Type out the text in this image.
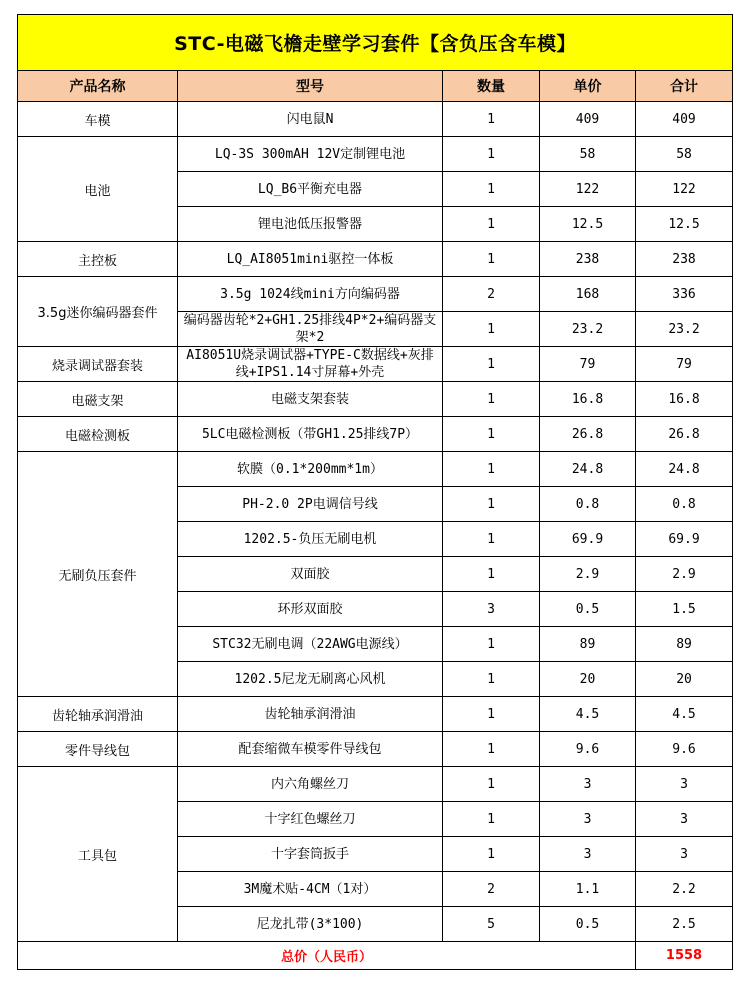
STC-电磁飞檐走壁学习套件【含负压含车模】				
产品名称	型号	数量	单价	合计
车模	闪电鼠N	1	409	409
电池	LQ-3S 300mAH 12V定制锂电池	1	58	58
	LQ_B6平衡充电器	1	122	122
	锂电池低压报警器	1	12.5	12.5
主控板	LQ_AI8051mini驱控一体板	1	238	238
3.5g迷你编码器套件	3.5g 1024线mini方向编码器	2	168	336
	编码器齿轮*2+GH1.25排线4P*2+编码器支架*2	1	23.2	23.2
烧录调试器套装	AI8051U烧录调试器+TYPE-C数据线+灰排线+IPS1.14寸屏幕+外壳	1	79	79
电磁支架	电磁支架套装	1	16.8	16.8
电磁检测板	5LC电磁检测板（带GH1.25排线7P）	1	26.8	26.8
无刷负压套件	软膜（0.1*200mm*1m）	1	24.8	24.8
	PH-2.0 2P电调信号线	1	0.8	0.8
	1202.5-负压无刷电机	1	69.9	69.9
	双面胶	1	2.9	2.9
	环形双面胶	3	0.5	1.5
	STC32无刷电调（22AWG电源线）	1	89	89
	1202.5尼龙无刷离心风机	1	20	20
齿轮轴承润滑油	齿轮轴承润滑油	1	4.5	4.5
零件导线包	配套缩微车模零件导线包	1	9.6	9.6
工具包	内六角螺丝刀	1	3	3
	十字红色螺丝刀	1	3	3
	十字套筒扳手	1	3	3
	3M魔术贴-4CM（1对）	2	1.1	2.2
	尼龙扎带(3*100)	5	0.5	2.5
总价（人民币）				1558
